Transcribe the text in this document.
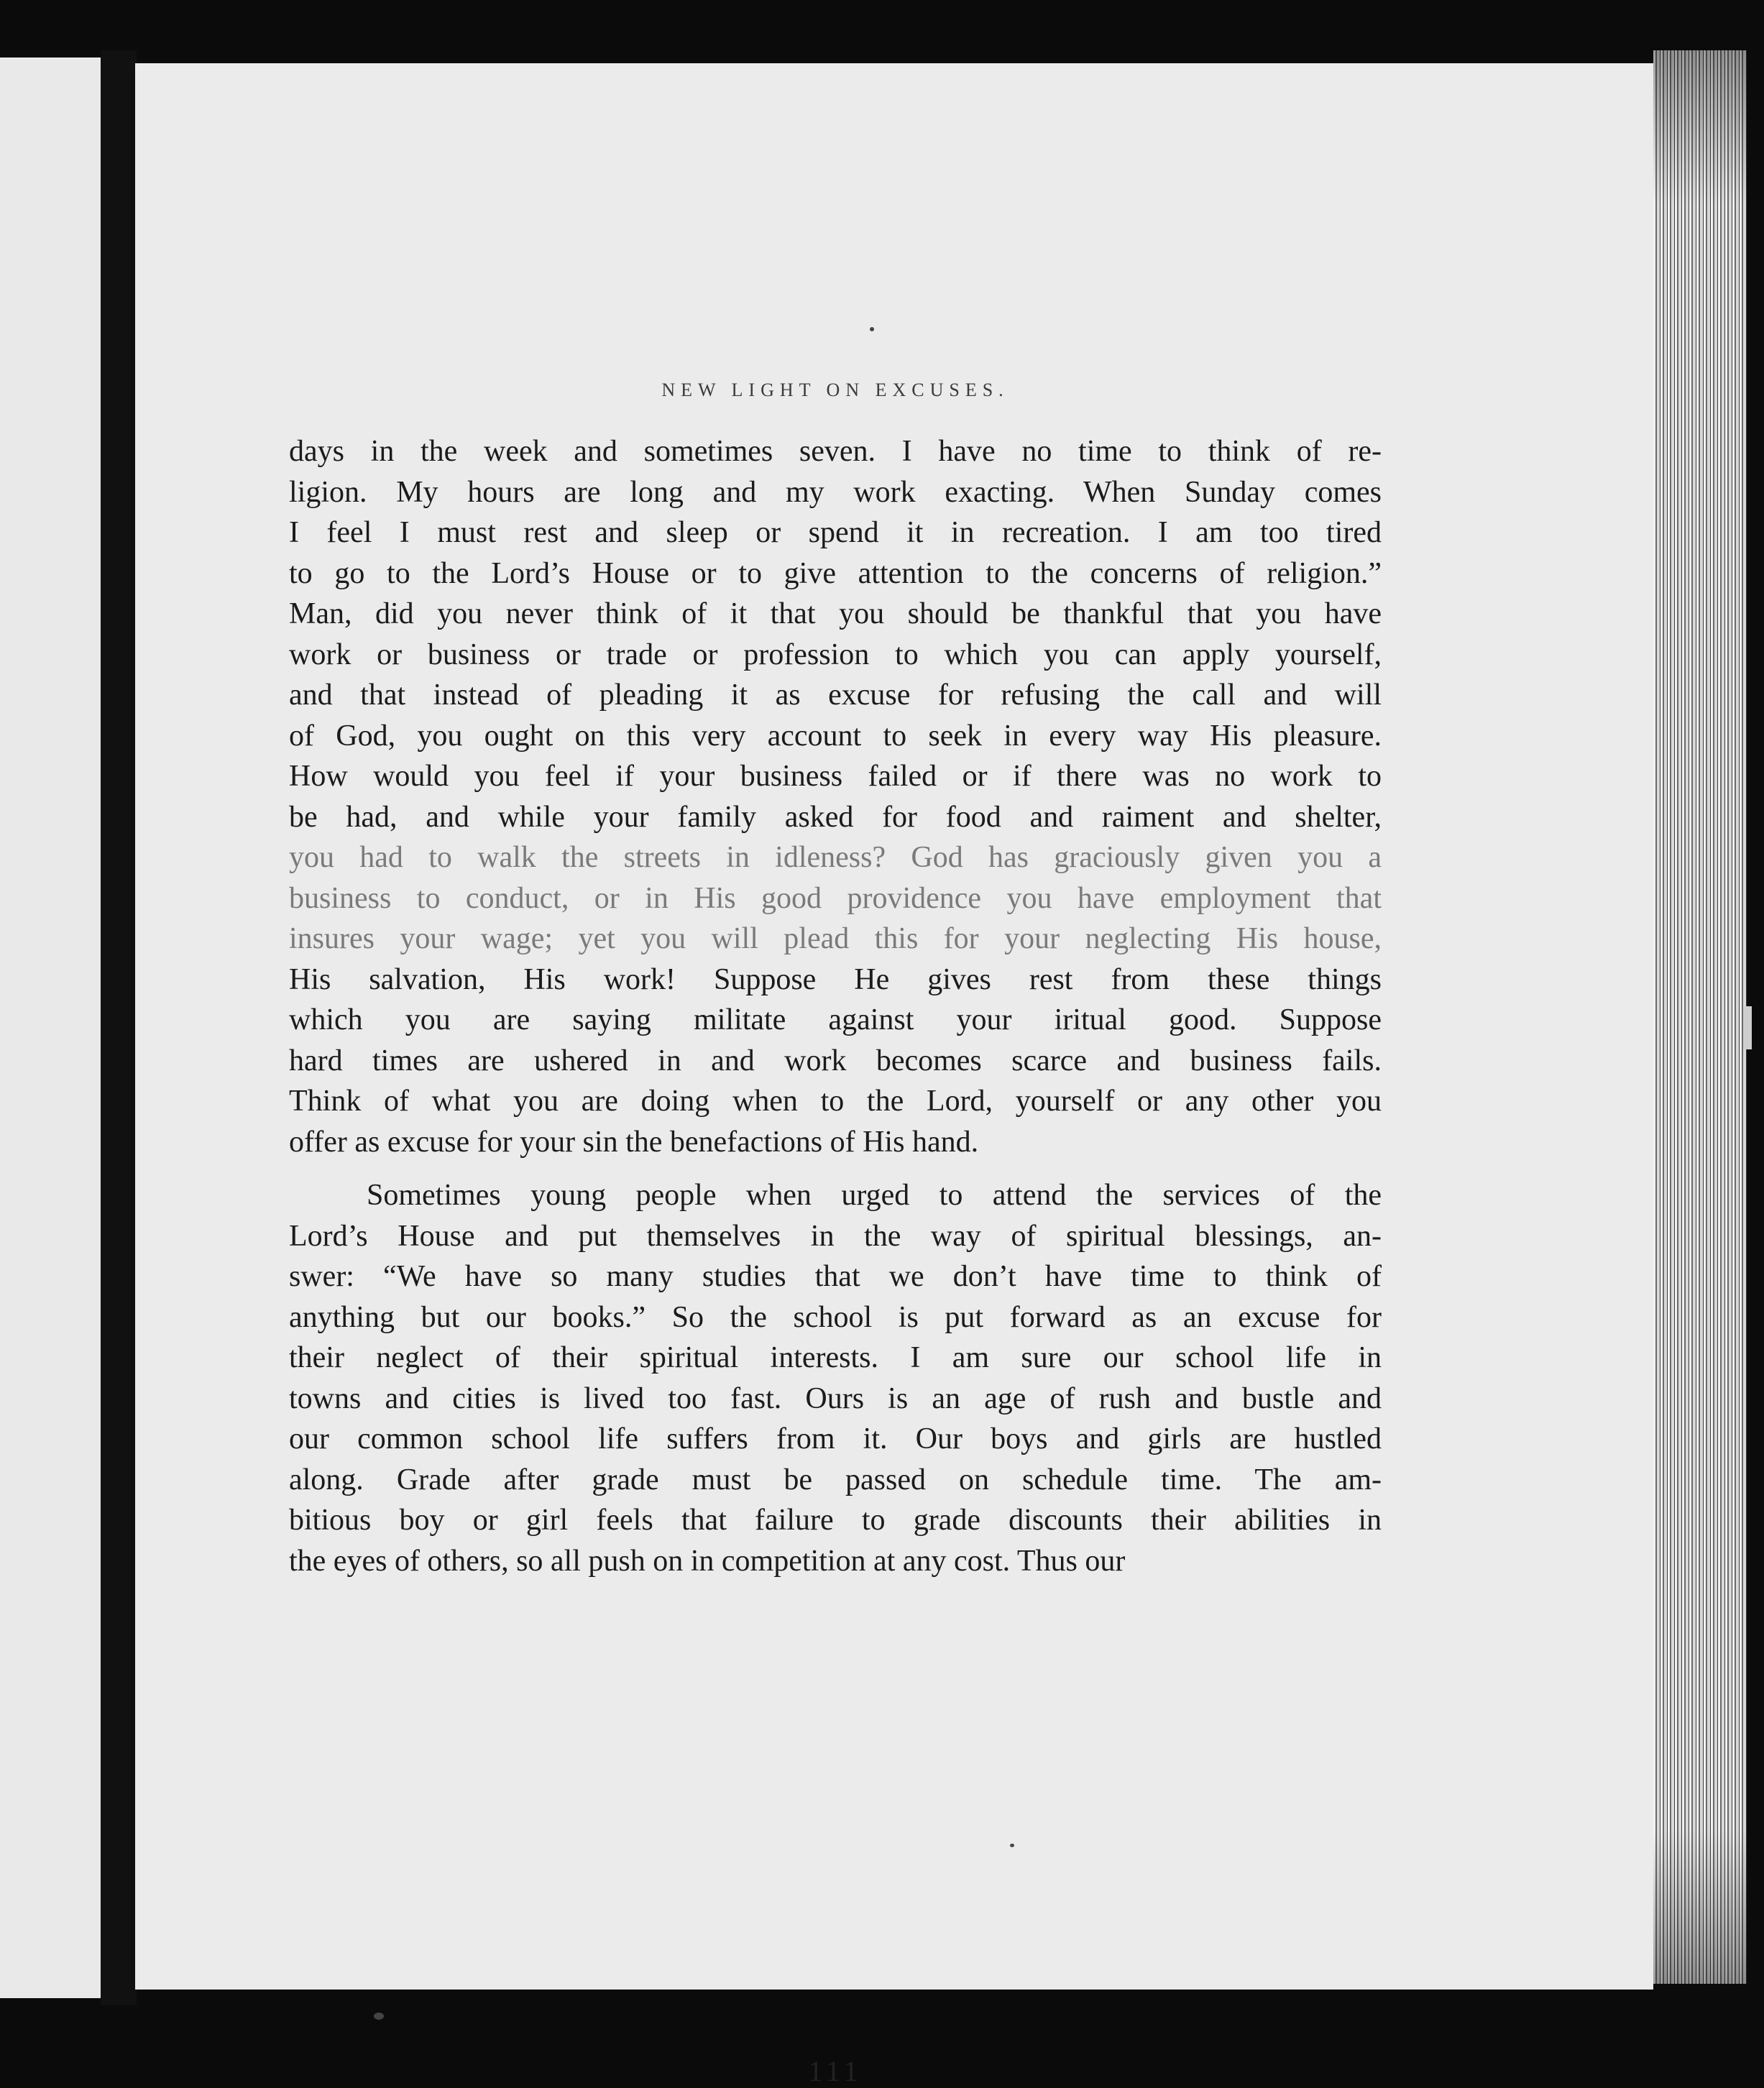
NEW LIGHT ON EXCUSES.

days in the week and sometimes seven. I have no time to think of re-
ligion. My hours are long and my work exacting. When Sunday comes
I feel I must rest and sleep or spend it in recreation. I am too tired
to go to the Lord’s House or to give attention to the concerns of religion.”
Man, did you never think of it that you should be thankful that you have
work or business or trade or profession to which you can apply yourself,
and that instead of pleading it as excuse for refusing the call and will
of God, you ought on this very account to seek in every way His pleasure.
How would you feel if your business failed or if there was no work to
be had, and while your family asked for food and raiment and shelter,
you had to walk the streets in idleness? God has graciously given you a
business to conduct, or in His good providence you have employment that
insures your wage; yet you will plead this for your neglecting His house,
His salvation, His work! Suppose He gives rest from these things
which you are saying militate against your iritual good. Suppose
hard times are ushered in and work becomes scarce and business fails.
Think of what you are doing when to the Lord, yourself or any other you
offer as excuse for your sin the benefactions of His hand.

Sometimes young people when urged to attend the services of the
Lord’s House and put themselves in the way of spiritual blessings, an-
swer: “We have so many studies that we don’t have time to think of
anything but our books.” So the school is put forward as an excuse for
their neglect of their spiritual interests. I am sure our school life in
towns and cities is lived too fast. Ours is an age of rush and bustle and
our common school life suffers from it. Our boys and girls are hustled
along. Grade after grade must be passed on schedule time. The am-
bitious boy or girl feels that failure to grade discounts their abilities in
the eyes of others, so all push on in competition at any cost. Thus our

111
